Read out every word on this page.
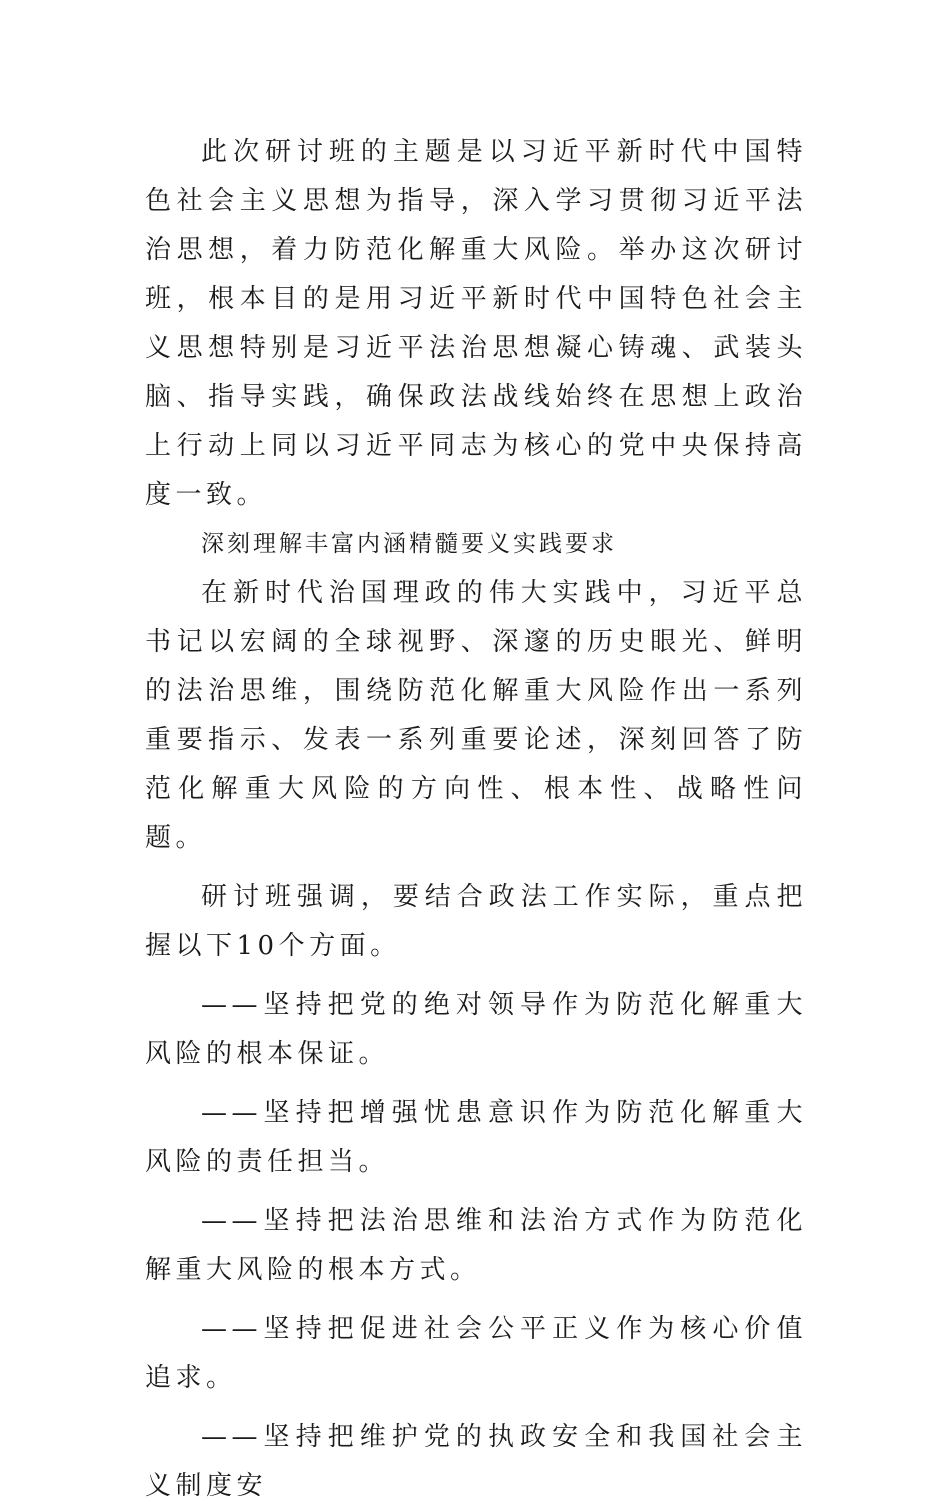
此次研讨班的主题是以习近平新时代中国特色社会主义思想为指导，深入学习贯彻习近平法治思想，着力防范化解重大风险。举办这次研讨班，根本目的是用习近平新时代中国特色社会主义思想特别是习近平法治思想凝心铸魂、武装头脑、指导实践，确保政法战线始终在思想上政治上行动上同以习近平同志为核心的党中央保持高度一致。

深刻理解丰富内涵精髓要义实践要求

在新时代治国理政的伟大实践中，习近平总书记以宏阔的全球视野、深邃的历史眼光、鲜明的法治思维，围绕防范化解重大风险作出一系列重要指示、发表一系列重要论述，深刻回答了防范化解重大风险的方向性、根本性、战略性问题。

研讨班强调，要结合政法工作实际，重点把握以下10个方面。

——坚持把党的绝对领导作为防范化解重大风险的根本保证。

——坚持把增强忧患意识作为防范化解重大风险的责任担当。

——坚持把法治思维和法治方式作为防范化解重大风险的根本方式。

——坚持把促进社会公平正义作为核心价值追求。

——坚持把维护党的执政安全和我国社会主义制度安
